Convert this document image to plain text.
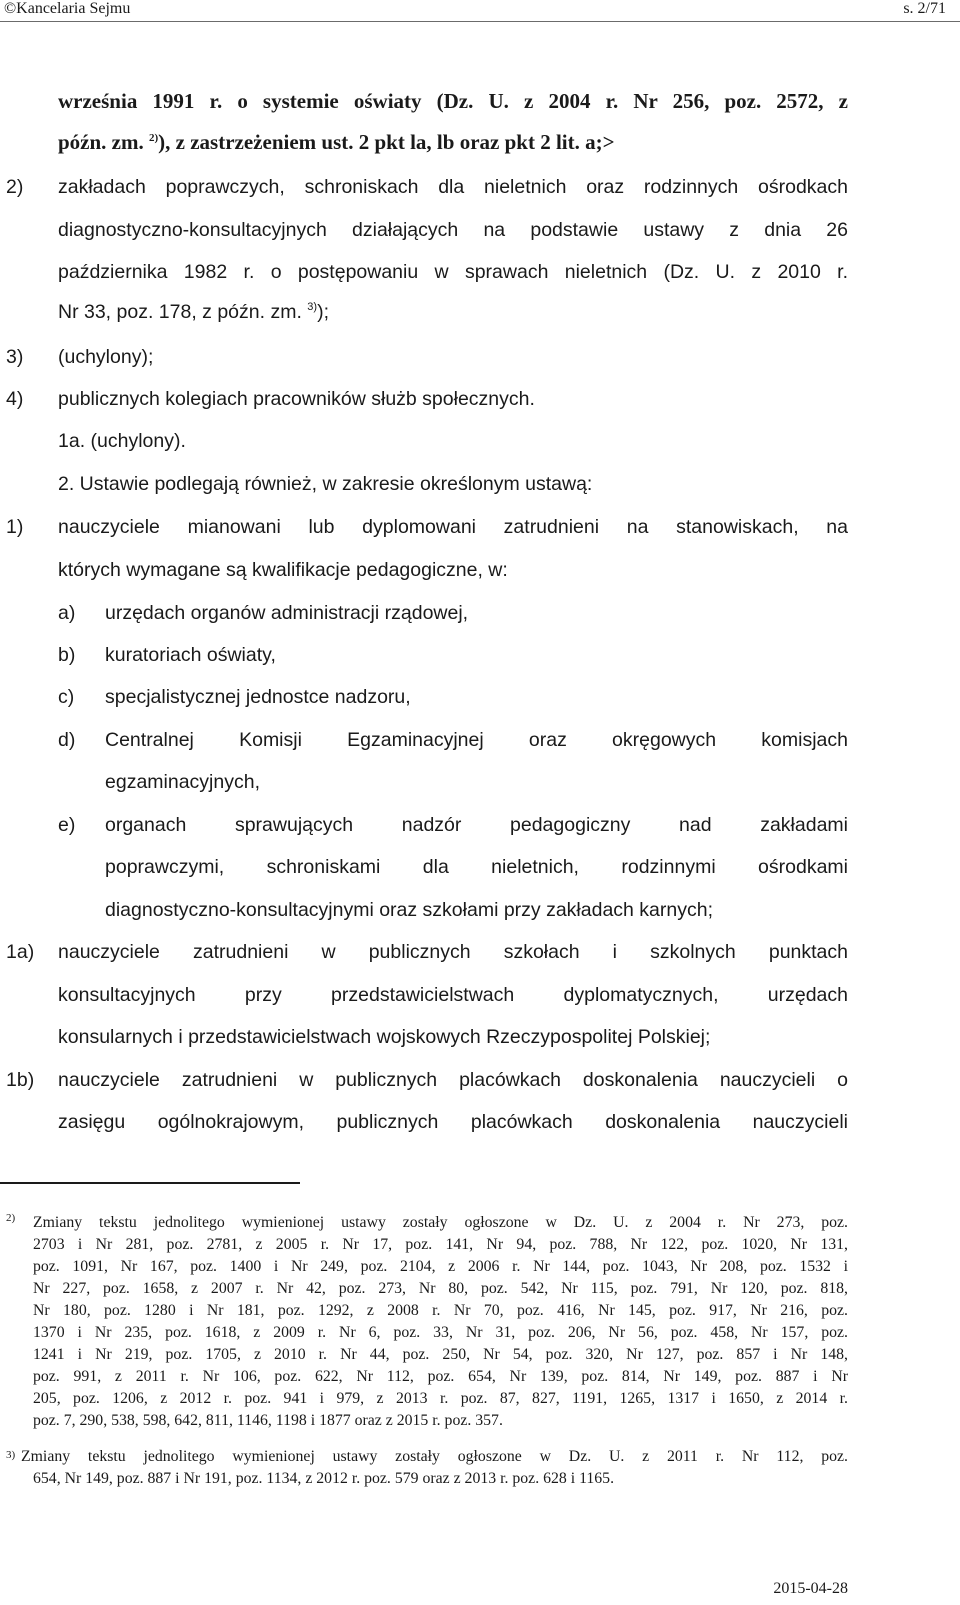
©Kancelaria Sejmu	s. 2/71
września 1991 r. o systemie oświaty (Dz. U. z 2004 r. Nr 256, poz. 2572, z
późn. zm. $^{2)}$), z zastrzeżeniem ust. 2 pkt la, lb oraz pkt 2 lit. a;>
2) zakładach poprawczych, schroniskach dla nieletnich oraz rodzinnych ośrodkach
diagnostyczno-konsultacyjnych działających na podstawie ustawy z dnia 26
października 1982 r. o postępowaniu w sprawach nieletnich (Dz. U. z 2010 r.
Nr 33, poz. 178, z późn. zm. $^{3)}$);
3) (uchylony);
4) publicznych kolegiach pracowników służb społecznych.
1a. (uchylony).
2. Ustawie podlegają również, w zakresie określonym ustawą:
1) nauczyciele mianowani lub dyplomowani zatrudnieni na stanowiskach, na
których wymagane są kwalifikacje pedagogiczne, w:
a) urzędach organów administracji rządowej,
b) kuratoriach oświaty,
c) specjalistycznej jednostce nadzoru,
d) Centralnej Komisji Egzaminacyjnej oraz okręgowych komisjach
egzaminacyjnych,
e) organach sprawujących nadzór pedagogiczny nad zakładami
poprawczymi, schroniskami dla nieletnich, rodzinnymi ośrodkami
diagnostyczno-konsultacyjnymi oraz szkołami przy zakładach karnych;
1a) nauczyciele zatrudnieni w publicznych szkołach i szkolnych punktach
konsultacyjnych przy przedstawicielstwach dyplomatycznych, urzędach
konsularnych i przedstawicielstwach wojskowych Rzeczypospolitej Polskiej;
1b) nauczyciele zatrudnieni w publicznych placówkach doskonalenia nauczycieli o
zasięgu ogólnokrajowym, publicznych placówkach doskonalenia nauczycieli
2) Zmiany tekstu jednolitego wymienionej ustawy zostały ogłoszone w Dz. U. z 2004 r. Nr 273, poz.
2703 i Nr 281, poz. 2781, z 2005 r. Nr 17, poz. 141, Nr 94, poz. 788, Nr 122, poz. 1020, Nr 131,
poz. 1091, Nr 167, poz. 1400 i Nr 249, poz. 2104, z 2006 r. Nr 144, poz. 1043, Nr 208, poz. 1532 i
Nr 227, poz. 1658, z 2007 r. Nr 42, poz. 273, Nr 80, poz. 542, Nr 115, poz. 791, Nr 120, poz. 818,
Nr 180, poz. 1280 i Nr 181, poz. 1292, z 2008 r. Nr 70, poz. 416, Nr 145, poz. 917, Nr 216, poz.
1370 i Nr 235, poz. 1618, z 2009 r. Nr 6, poz. 33, Nr 31, poz. 206, Nr 56, poz. 458, Nr 157, poz.
1241 i Nr 219, poz. 1705, z 2010 r. Nr 44, poz. 250, Nr 54, poz. 320, Nr 127, poz. 857 i Nr 148,
poz. 991, z 2011 r. Nr 106, poz. 622, Nr 112, poz. 654, Nr 139, poz. 814, Nr 149, poz. 887 i Nr
205, poz. 1206, z 2012 r. poz. 941 i 979, z 2013 r. poz. 87, 827, 1191, 1265, 1317 i 1650, z 2014 r.
poz. 7, 290, 538, 598, 642, 811, 1146, 1198 i 1877 oraz z 2015 r. poz. 357.
3) Zmiany tekstu jednolitego wymienionej ustawy zostały ogłoszone w Dz. U. z 2011 r. Nr 112, poz.
654, Nr 149, poz. 887 i Nr 191, poz. 1134, z 2012 r. poz. 579 oraz z 2013 r. poz. 628 i 1165.
2015-04-28
